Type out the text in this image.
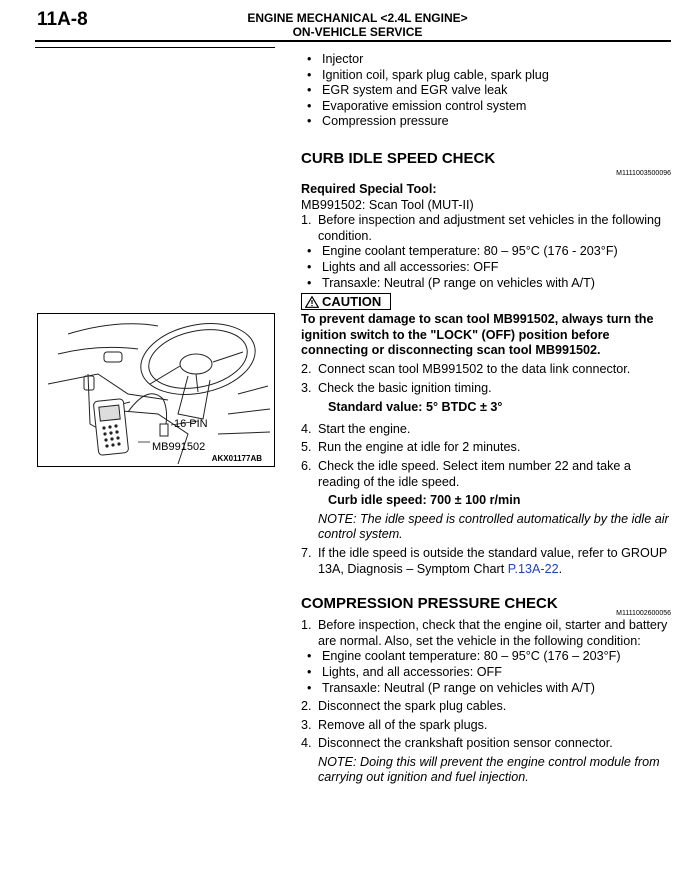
11A-8	ENGINE MECHANICAL <2.4L ENGINE>
ON-VEHICLE SERVICE
16 PIN
MB991502
AKX01177AB
• Injector
• Ignition coil, spark plug cable, spark plug
• EGR system and EGR valve leak
• Evaporative emission control system
• Compression pressure
CURB IDLE SPEED CHECK
M1111003500096
Required Special Tool:
MB991502: Scan Tool (MUT-II)
1. Before inspection and adjustment set vehicles in the following condition.
• Engine coolant temperature: 80 – 95°C (176 - 203°F)
• Lights and all accessories: OFF
• Transaxle: Neutral (P range on vehicles with A/T)
CAUTION
To prevent damage to scan tool MB991502, always turn the ignition switch to the "LOCK" (OFF) position before connecting or disconnecting scan tool MB991502.
2. Connect scan tool MB991502 to the data link connector.
3. Check the basic ignition timing.
Standard value: 5° BTDC ± 3°
4. Start the engine.
5. Run the engine at idle for 2 minutes.
6. Check the idle speed. Select item number 22 and take a reading of the idle speed.
Curb idle speed: 700 ± 100 r/min
NOTE: The idle speed is controlled automatically by the idle air control system.
7. If the idle speed is outside the standard value, refer to GROUP 13A, Diagnosis – Symptom Chart P.13A-22.
COMPRESSION PRESSURE CHECK
M1111002600056
1. Before inspection, check that the engine oil, starter and battery are normal. Also, set the vehicle in the following condition:
• Engine coolant temperature: 80 – 95°C (176 – 203°F)
• Lights, and all accessories: OFF
• Transaxle: Neutral (P range on vehicles with A/T)
2. Disconnect the spark plug cables.
3. Remove all of the spark plugs.
4. Disconnect the crankshaft position sensor connector.
NOTE: Doing this will prevent the engine control module from carrying out ignition and fuel injection.
